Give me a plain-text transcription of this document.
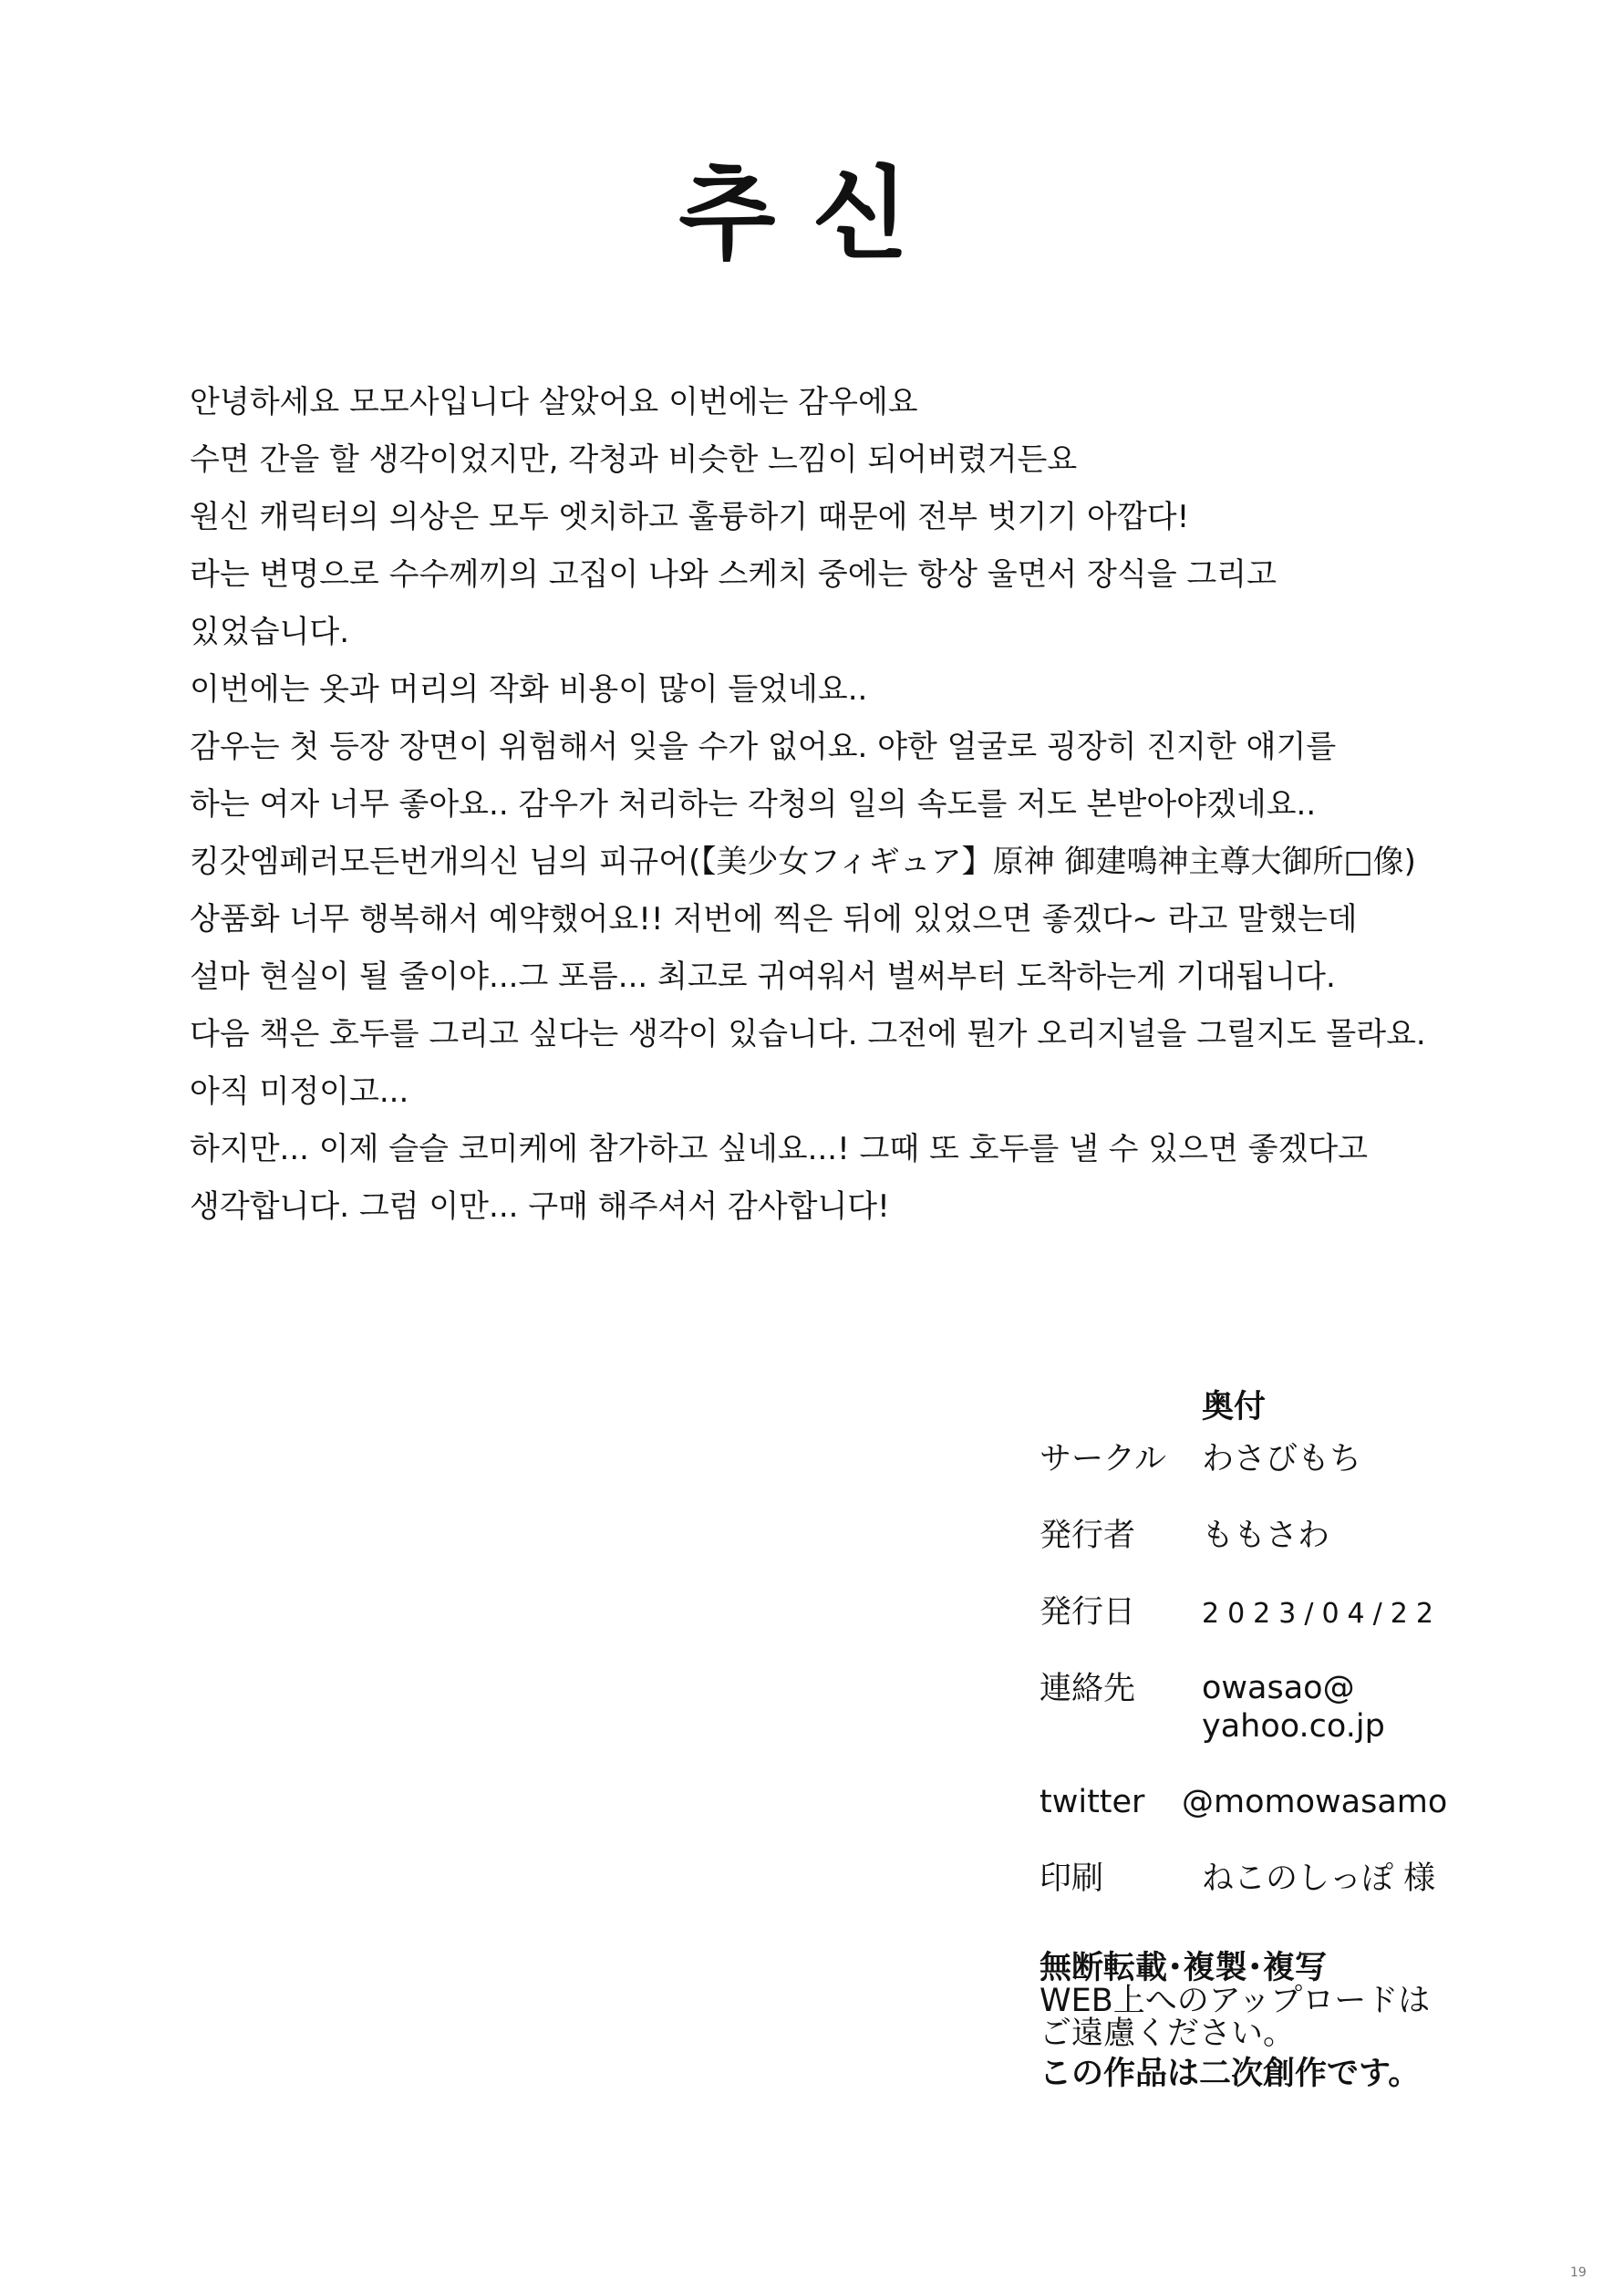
추신
안녕하세요 모모사입니다 살았어요 이번에는 감우에요
수면 간을 할 생각이었지만, 각청과 비슷한 느낌이 되어버렸거든요
원신 캐릭터의 의상은 모두 엣치하고 훌륭하기 때문에 전부 벗기기 아깝다!
라는 변명으로 수수께끼의 고집이 나와 스케치 중에는 항상 울면서 장식을 그리고
있었습니다.
이번에는 옷과 머리의 작화 비용이 많이 들었네요..
감우는 첫 등장 장면이 위험해서 잊을 수가 없어요. 야한 얼굴로 굉장히 진지한 얘기를
하는 여자 너무 좋아요.. 감우가 처리하는 각청의 일의 속도를 저도 본받아야겠네요..
킹갓엠페러모든번개의신 님의 피규어(【美少女フィギュア】原神 御建鳴神主尊大御所□像)
상품화 너무 행복해서 예약했어요!! 저번에 찍은 뒤에 있었으면 좋겠다~ 라고 말했는데
설마 현실이 될 줄이야...그 포름... 최고로 귀여워서 벌써부터 도착하는게 기대됩니다.
다음 책은 호두를 그리고 싶다는 생각이 있습니다. 그전에 뭔가 오리지널을 그릴지도 몰라요.
아직 미정이고...
하지만... 이제 슬슬 코미케에 참가하고 싶네요...! 그때 또 호두를 낼 수 있으면 좋겠다고
생각합니다. 그럼 이만... 구매 해주셔서 감사합니다!
奥付
サークル わさびもち
発行者 ももさわ
発行日 2023/04/22
連絡先 owasao@
yahoo.co.jp
twitter @momowasamo
印刷	ねこのしっぽ 様
無断転載･複製･複写
WEB上へのアップロードは
ご遠慮ください。
この作品は二次創作です。
19
